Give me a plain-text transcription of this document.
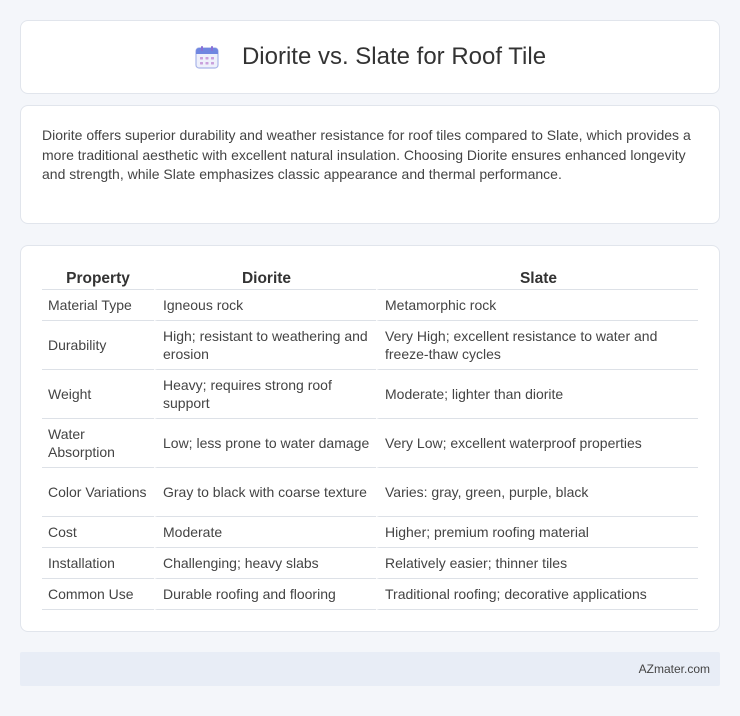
Diorite vs. Slate for Roof Tile

Diorite offers superior durability and weather resistance for roof tiles compared to Slate, which provides a more traditional aesthetic with excellent natural insulation. Choosing Diorite ensures enhanced longevity and strength, while Slate emphasizes classic appearance and thermal performance.

Property	Diorite	Slate
Material Type	Igneous rock	Metamorphic rock
Durability	High; resistant to weathering and erosion	Very High; excellent resistance to water and freeze-thaw cycles
Weight	Heavy; requires strong roof support	Moderate; lighter than diorite
Water Absorption	Low; less prone to water damage	Very Low; excellent waterproof properties
Color Variations	Gray to black with coarse texture	Varies: gray, green, purple, black
Cost	Moderate	Higher; premium roofing material
Installation	Challenging; heavy slabs	Relatively easier; thinner tiles
Common Use	Durable roofing and flooring	Traditional roofing; decorative applications
AZmater.com
